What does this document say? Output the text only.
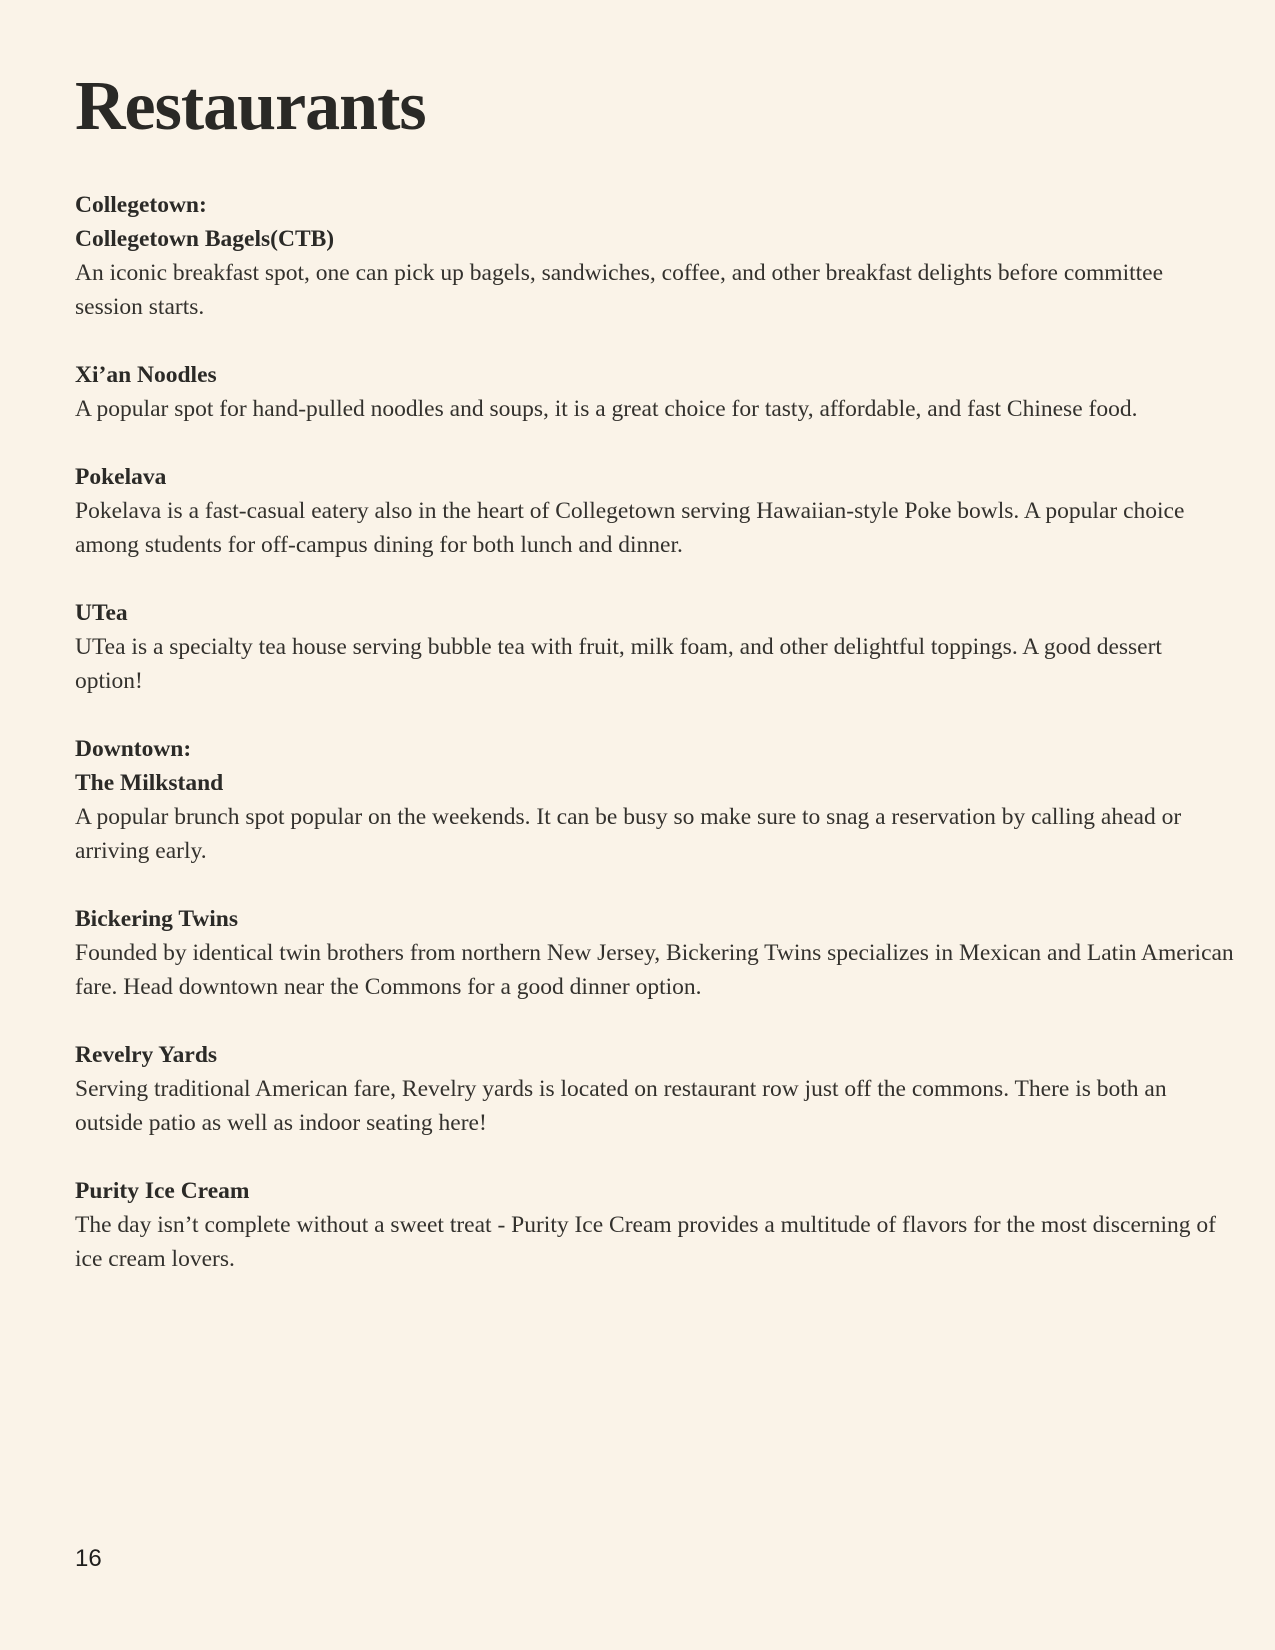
Restaurants

Collegetown:

Collegetown Bagels(CTB)

An iconic breakfast spot, one can pick up bagels, sandwiches, coffee, and other breakfast delights before committee session starts.

Xi’an Noodles

A popular spot for hand-pulled noodles and soups, it is a great choice for tasty, affordable, and fast Chinese food.

Pokelava

Pokelava is a fast-casual eatery also in the heart of Collegetown serving Hawaiian-style Poke bowls. A popular choice among students for off-campus dining for both lunch and dinner.

UTea

UTea is a specialty tea house serving bubble tea with fruit, milk foam, and other delightful toppings. A good dessert option!

Downtown:

The Milkstand

A popular brunch spot popular on the weekends. It can be busy so make sure to snag a reservation by calling ahead or arriving early.

Bickering Twins

Founded by identical twin brothers from northern New Jersey, Bickering Twins specializes in Mexican and Latin American fare. Head downtown near the Commons for a good dinner option.

Revelry Yards

Serving traditional American fare, Revelry yards is located on restaurant row just off the commons. There is both an outside patio as well as indoor seating here!

Purity Ice Cream

The day isn’t complete without a sweet treat - Purity Ice Cream provides a multitude of flavors for the most discerning of ice cream lovers.

16
